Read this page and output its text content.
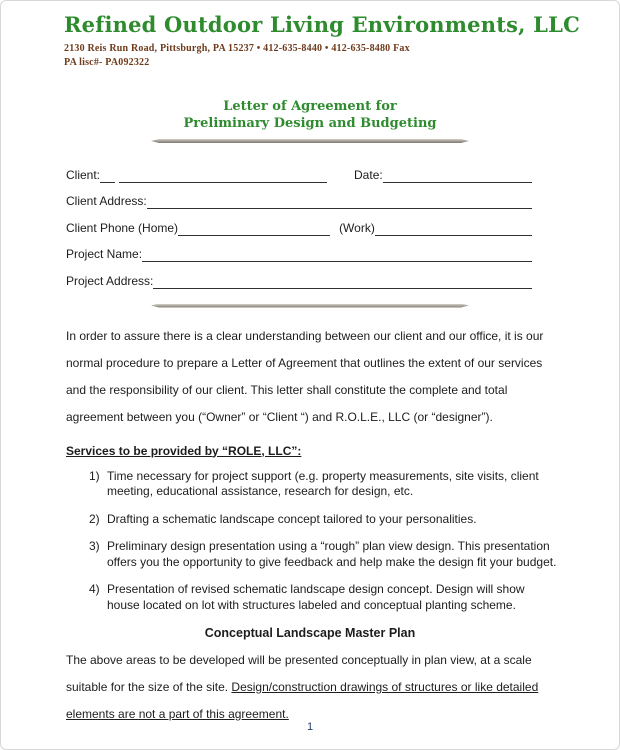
Refined Outdoor Living Environments, LLC
2130 Reis Run Road, Pittsburgh, PA 15237 • 412-635-8440 • 412-635-8480 Fax
PA lisc#- PA092322
Letter of Agreement for
Preliminary Design and Budgeting
Client:	Date:
Client Address:
Client Phone (Home)	(Work)
Project Name:
Project Address:

In order to assure there is a clear understanding between our client and our office, it is our normal procedure to prepare a Letter of Agreement that outlines the extent of our services and the responsibility of our client. This letter shall constitute the complete and total agreement between you (“Owner” or “Client “) and R.O.L.E., LLC (or “designer”).

Services to be provided by “ROLE, LLC”:
1) Time necessary for project support (e.g. property measurements, site visits, client meeting, educational assistance, research for design, etc.
2) Drafting a schematic landscape concept tailored to your personalities.
3) Preliminary design presentation using a “rough” plan view design. This presentation offers you the opportunity to give feedback and help make the design fit your budget.
4) Presentation of revised schematic landscape design concept. Design will show house located on lot with structures labeled and conceptual planting scheme.
Conceptual Landscape Master Plan

The above areas to be developed will be presented conceptually in plan view, at a scale suitable for the size of the site. Design/construction drawings of structures or like detailed elements are not a part of this agreement.

1
